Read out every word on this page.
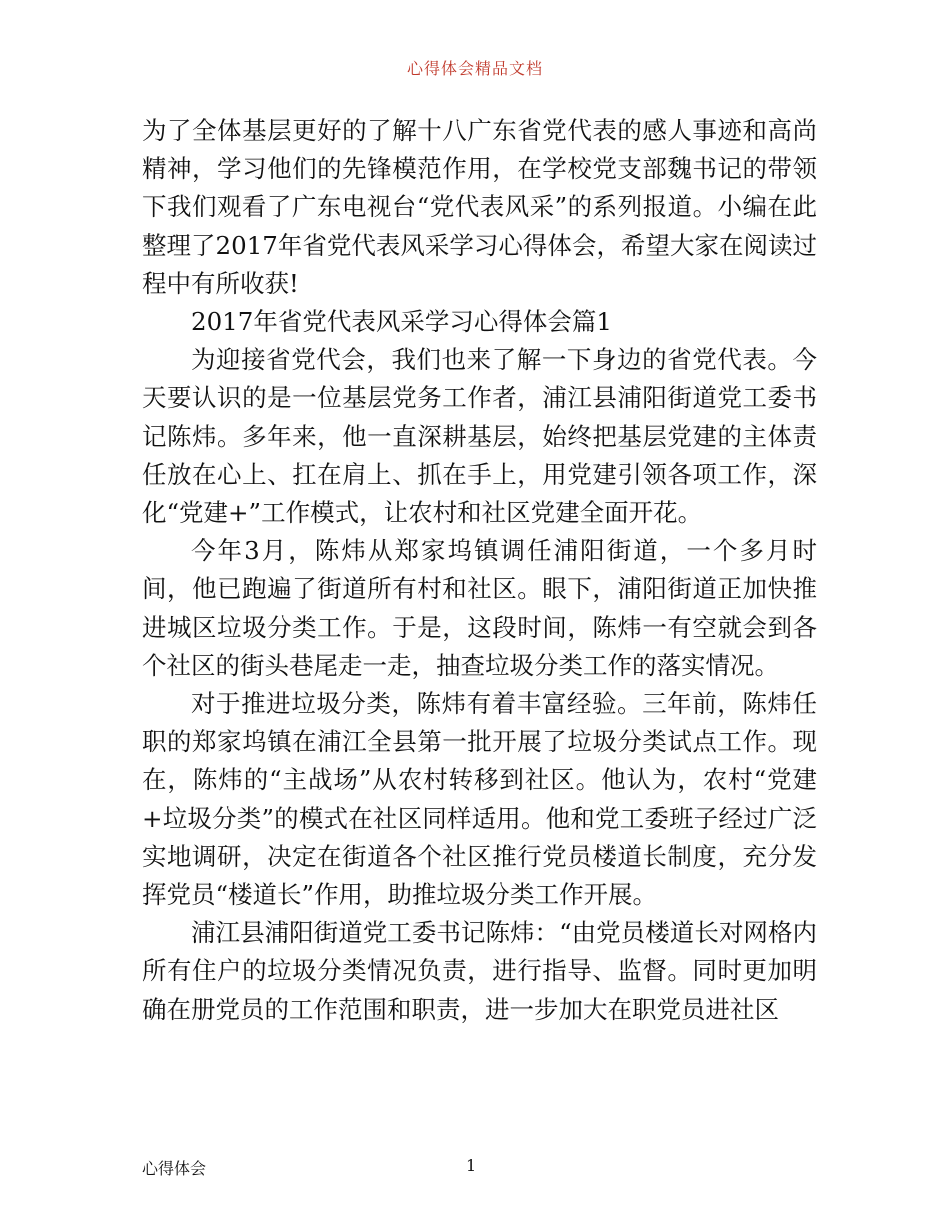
心得体会精品文档

为了全体基层更好的了解十八广东省党代表的感人事迹和高尚精神，学习他们的先锋模范作用，在学校党支部魏书记的带领下我们观看了广东电视台“党代表风采”的系列报道。小编在此整理了2017年省党代表风采学习心得体会，希望大家在阅读过程中有所收获!

2017年省党代表风采学习心得体会篇1

为迎接省党代会，我们也来了解一下身边的省党代表。今天要认识的是一位基层党务工作者，浦江县浦阳街道党工委书记陈炜。多年来，他一直深耕基层，始终把基层党建的主体责任放在心上、扛在肩上、抓在手上，用党建引领各项工作，深化“党建+”工作模式，让农村和社区党建全面开花。

今年3月，陈炜从郑家坞镇调任浦阳街道，一个多月时间，他已跑遍了街道所有村和社区。眼下，浦阳街道正加快推进城区垃圾分类工作。于是，这段时间，陈炜一有空就会到各个社区的街头巷尾走一走，抽查垃圾分类工作的落实情况。

对于推进垃圾分类，陈炜有着丰富经验。三年前，陈炜任职的郑家坞镇在浦江全县第一批开展了垃圾分类试点工作。现在，陈炜的“主战场”从农村转移到社区。他认为，农村“党建+垃圾分类”的模式在社区同样适用。他和党工委班子经过广泛实地调研，决定在街道各个社区推行党员楼道长制度，充分发挥党员“楼道长”作用，助推垃圾分类工作开展。

浦江县浦阳街道党工委书记陈炜：“由党员楼道长对网格内所有住户的垃圾分类情况负责，进行指导、监督。同时更加明确在册党员的工作范围和职责，进一步加大在职党员进社区

心得体会	1
